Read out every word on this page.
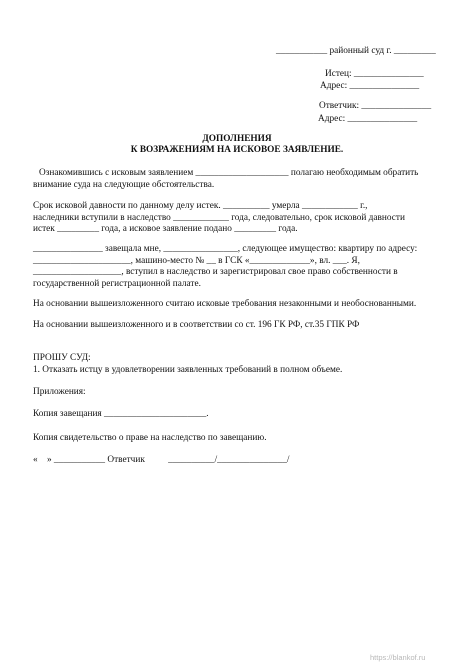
___________ районный суд г. _________
Истец: _______________
Адрес: _______________
Ответчик: _______________
Адрес: _______________
ДОПОЛНЕНИЯ
К ВОЗРАЖЕНИЯМ НА ИСКОВОЕ ЗАЯВЛЕНИЕ.
Ознакомившись с исковым заявлением ____________________ полагаю необходимым обратить
внимание суда на следующие обстоятельства.
Срок исковой давности по данному делу истек. __________ умерла ____________ г.,
наследники вступили в наследство ____________ года, следовательно, срок исковой давности
истек _________ года, а исковое заявление подано _________ года.
_______________ завещала мне, ________________, следующее имущество: квартиру по адресу:
_____________________, машино-место № __ в ГСК «_____________», вл. ___. Я,
___________________, вступил в наследство и зарегистрировал свое право собственности в
государственной регистрационной палате.
На основании вышеизложенного считаю исковые требования незаконными и необоснованными.
На основании вышеизложенного и в соответствии со ст. 196 ГК РФ, ст.35 ГПК РФ
ПРОШУ СУД:
1. Отказать истцу в удовлетворении заявленных требований в полном объеме.
Приложения:
Копия завещания ______________________.
Копия свидетельство о праве на наследство по завещанию.
«    » ___________ Ответчик          __________/_______________/
https://blankof.ru
